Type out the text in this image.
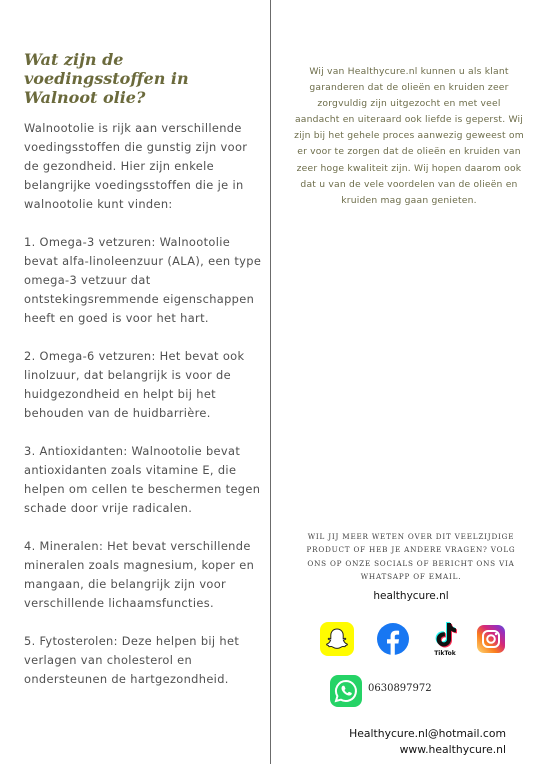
Wat zijn de voedingsstoffen in Walnoot olie?

Walnootolie is rijk aan verschillende voedingsstoffen die gunstig zijn voor de gezondheid. Hier zijn enkele belangrijke voedingsstoffen die je in walnootolie kunt vinden:

1. Omega-3 vetzuren: Walnootolie bevat alfa-linoleenzuur (ALA), een type omega-3 vetzuur dat ontstekingsremmende eigenschappen heeft en goed is voor het hart.

2. Omega-6 vetzuren: Het bevat ook linolzuur, dat belangrijk is voor de huidgezondheid en helpt bij het behouden van de huidbarrière.

3. Antioxidanten: Walnootolie bevat antioxidanten zoals vitamine E, die helpen om cellen te beschermen tegen schade door vrije radicalen.

4. Mineralen: Het bevat verschillende mineralen zoals magnesium, koper en mangaan, die belangrijk zijn voor verschillende lichaamsfuncties.

5. Fytosterolen: Deze helpen bij het verlagen van cholesterol en ondersteunen de hartgezondheid.

Wij van Healthycure.nl kunnen u als klant garanderen dat de olieën en kruiden zeer zorgvuldig zijn uitgezocht en met veel aandacht en uiteraard ook liefde is geperst. Wij zijn bij het gehele proces aanwezig geweest om er voor te zorgen dat de olieën en kruiden van zeer hoge kwaliteit zijn. Wij hopen daarom ook dat u van de vele voordelen van de olieën en kruiden mag gaan genieten.

WIL JIJ MEER WETEN OVER DIT VEELZIJDIGE PRODUCT OF HEB JE ANDERE VRAGEN? VOLG ONS OP ONZE SOCIALS OF BERICHT ONS VIA WHATSAPP OF EMAIL.

healthycure.nl
TikTok
0630897972
Healthycure.nl@hotmail.com
www.healthycure.nl
